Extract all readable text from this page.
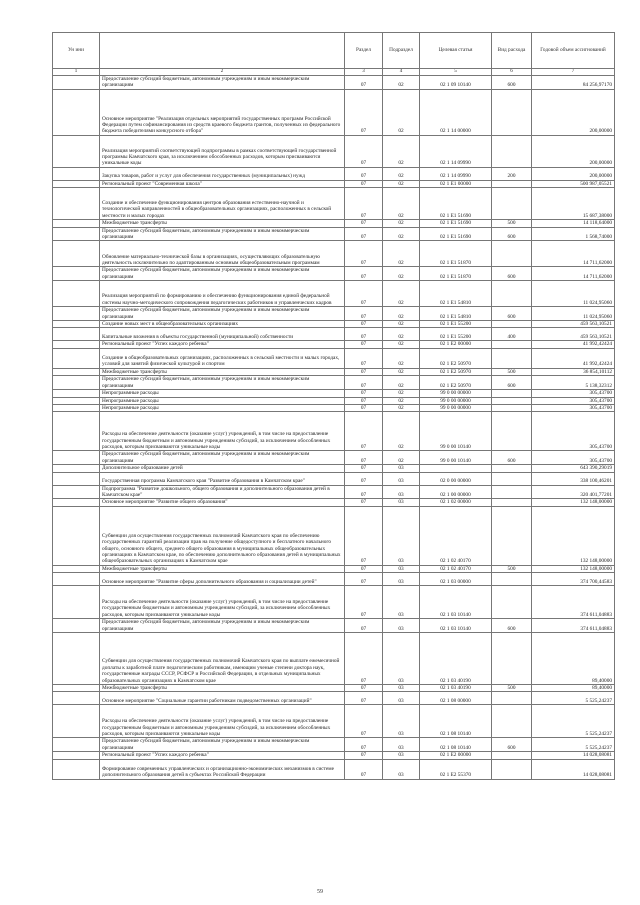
Ун ини		Раздел	Подраздел	Целевая статья	Вид расхода	Годовой объем ассигнований
1	2	3	4	5	6	7
	Предоставление субсидий бюджетным, автономным учреждениям и иным некоммерческим организациям	07	02	02 1 09 10140	600	84 256,97170
	Основное мероприятие "Реализация отдельных мероприятий государственных программ Российской Федерации путем софинансирования из средств краевого бюджета грантов, полученных из федерального бюджета победителями конкурсного отбора"	07	02	02 1 14 00000		200,00000
	Реализация мероприятий соответствующей подпрограммы в рамках соответствующей государственной программы Камчатского края, за исключением обособленных расходов, которым присваиваются уникальные коды	07	02	02 1 14 09990		200,00000
	Закупка товаров, работ и услуг для обеспечения государственных (муниципальных) нужд	07	02	02 1 14 09990	200	200,00000
	Региональный проект "Современная школа"	07	02	02 1 Е1 00000		500 987,05521
	Создание и обеспечение функционирования центров образования естественно-научной и технологической направленностей в общеобразовательных организациях, расположенных в сельской местности и малых городах	07	02	02 1 Е1 51690		15 687,38000
	Межбюджетные трансферты	07	02	02 1 Е1 51690	500	14 118,64000
	Предоставление субсидий бюджетным, автономным учреждениям и иным некоммерческим организациям	07	02	02 1 Е1 51690	600	1 568,74000
	Обновление материально-технической базы в организациях, осуществляющих образовательную деятельность исключительно по адаптированным основным общеобразовательным программам	07	02	02 1 Е1 51870		14 711,62000
	Предоставление субсидий бюджетным, автономным учреждениям и иным некоммерческим организациям	07	02	02 1 Е1 51870	600	14 711,62000
	Реализация мероприятий по формированию и обеспечению функционирования единой федеральной системы научно-методического сопровождения педагогических работников и управленческих кадров	07	02	02 1 Е1 54810		11 024,95060
	Предоставление субсидий бюджетным, автономным учреждениям и иным некоммерческим организациям	07	02	02 1 Е1 54810	600	11 024,95060
	Создание новых мест в общеобразовательных организациях	07	02	02 1 Е1 55200		459 563,10521
	Капитальные вложения в объекты государственной (муниципальной) собственности	07	02	02 1 Е1 55200	400	459 563,10521
	Региональный проект "Успех каждого ребенка"	07	02	02 1 Е2 00000		41 992,42424
	Создание в общеобразовательных организациях, расположенных в сельской местности и малых городах, условий для занятий физической культурой и спортом	07	02	02 1 Е2 50970		41 992,42424
	Межбюджетные трансферты	07	02	02 1 Е2 50970	500	36 854,10112
	Предоставление субсидий бюджетным, автономным учреждениям и иным некоммерческим организациям	07	02	02 1 Е2 50970	600	5 138,32312
	Непрограммные расходы	07	02	99 0 00 00000		305,43700
	Непрограммные расходы	07	02	99 0 00 00000		305,43700
	Непрограммные расходы	07	02	99 0 00 00000		305,43700
	Расходы на обеспечение деятельности (оказание услуг) учреждений, в том числе на предоставление государственным бюджетным и автономным учреждениям субсидий, за исключением обособленных расходов, которым присваиваются уникальные коды	07	02	99 0 00 10140		305,43700
	Предоставление субсидий бюджетным, автономным учреждениям и иным некоммерческим организациям	07	02	99 0 00 10140	600	305,43700
	Дополнительное образование детей	07	03			643 390,29019
	Государственная программа Камчатского края "Развитие образования в Камчатском крае"	07	03	02 0 00 00000		338 100,46201
	Подпрограмма "Развитие дошкольного, общего образования и дополнительного образования детей в Камчатском крае"	07	03	02 1 00 00000		320 401,77201
	Основное мероприятие "Развитие общего образования"	07	03	02 1 02 00000		132 148,00000
	Субвенции для осуществления государственных полномочий Камчатского края по обеспечению государственных гарантий реализации прав на получение общедоступного и бесплатного начального общего, основного общего, среднего общего образования в муниципальных общеобразовательных организациях в Камчатском крае, по обеспечению дополнительного образования детей в муниципальных общеобразовательных организациях в Камчатском крае	07	03	02 1 02 40170		132 148,00000
	Межбюджетные трансферты	07	03	02 1 02 40170	500	132 148,00000
	Основное мероприятие "Развитие сферы дополнительного образования и социализации детей"	07	03	02 1 03 00000		374 700,44583
	Расходы на обеспечение деятельности (оказание услуг) учреждений, в том числе на предоставление государственным бюджетным и автономным учреждениям субсидий, за исключением обособленных расходов, которым присваиваются уникальные коды	07	03	02 1 03 10140		374 611,04883
	Предоставление субсидий бюджетным, автономным учреждениям и иным некоммерческим организациям	07	03	02 1 03 10140	600	374 611,04883
	Субвенции для осуществления государственных полномочий Камчатского края по выплате ежемесячной доплаты к заработной плате педагогическим работникам, имеющим ученые степени доктора наук, государственные награды СССР, РСФСР и Российской Федерации, в отдельных муниципальных образовательных организациях в Камчатском крае	07	03	02 1 03 40190		89,40000
	Межбюджетные трансферты	07	03	02 1 03 40190	500	89,40000
	Основное мероприятие "Социальные гарантии работникам подведомственных организаций"	07	03	02 1 08 00000		5 525,24237
	Расходы на обеспечение деятельности (оказание услуг) учреждений, в том числе на предоставление государственным бюджетным и автономным учреждениям субсидий, за исключением обособленных расходов, которым присваиваются уникальные коды	07	03	02 1 08 10140		5 525,24237
	Предоставление субсидий бюджетным, автономным учреждениям и иным некоммерческим организациям	07	03	02 1 08 10140	600	5 525,24237
	Региональный проект "Успех каждого ребенка"	07	03	02 1 Е2 00000		14 028,08081
	Формирование современных управленческих и организационно-экономических механизмов в системе дополнительного образования детей в субъектах Российской Федерации	07	03	02 1 Е2 55370		14 028,08081
59
